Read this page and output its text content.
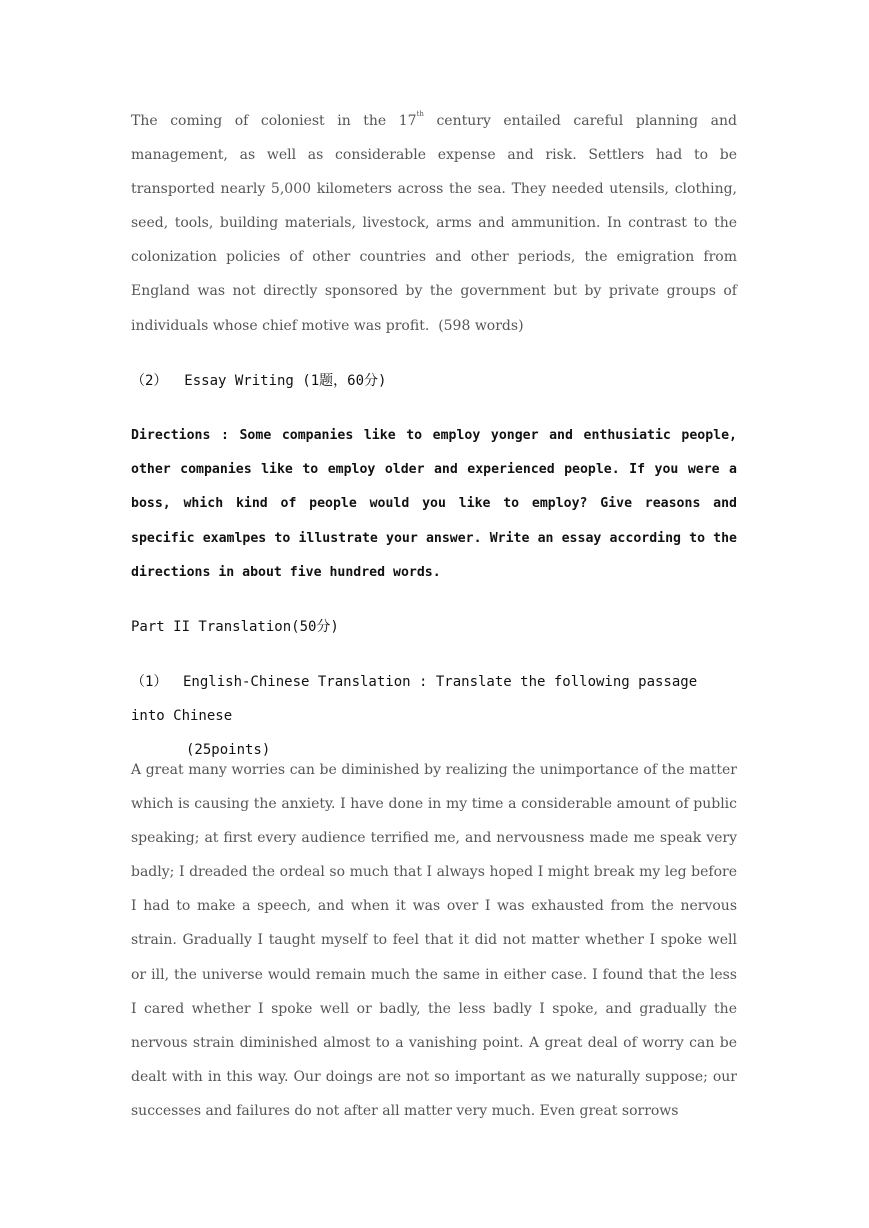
The coming of coloniest in the 17th century entailed careful planning and management, as well as considerable expense and risk. Settlers had to be transported nearly 5,000 kilometers across the sea. They needed utensils, clothing, seed, tools, building materials, livestock, arms and ammunition. In contrast to the colonization policies of other countries and other periods, the emigration from England was not directly sponsored by the government but by private groups of individuals whose chief motive was profit. (598 words)

（2）  Essay Writing (1题，60分)

Directions : Some companies like to employ yonger and enthusiatic people, other companies like to employ older and experienced people. If you were a boss, which kind of people would you like to employ? Give reasons and specific examlpes to illustrate your answer. Write an essay according to the directions in about five hundred words.

Part II Translation(50分)

（1） English-Chinese Translation : Translate the following passage into Chinese
(25points)

A great many worries can be diminished by realizing the unimportance of the matter which is causing the anxiety. I have done in my time a considerable amount of public speaking; at first every audience terrified me, and nervousness made me speak very badly; I dreaded the ordeal so much that I always hoped I might break my leg before I had to make a speech, and when it was over I was exhausted from the nervous strain. Gradually I taught myself to feel that it did not matter whether I spoke well or ill, the universe would remain much the same in either case. I found that the less I cared whether I spoke well or badly, the less badly I spoke, and gradually the nervous strain diminished almost to a vanishing point. A great deal of worry can be dealt with in this way. Our doings are not so important as we naturally suppose; our successes and failures do not after all matter very much. Even great sorrows
